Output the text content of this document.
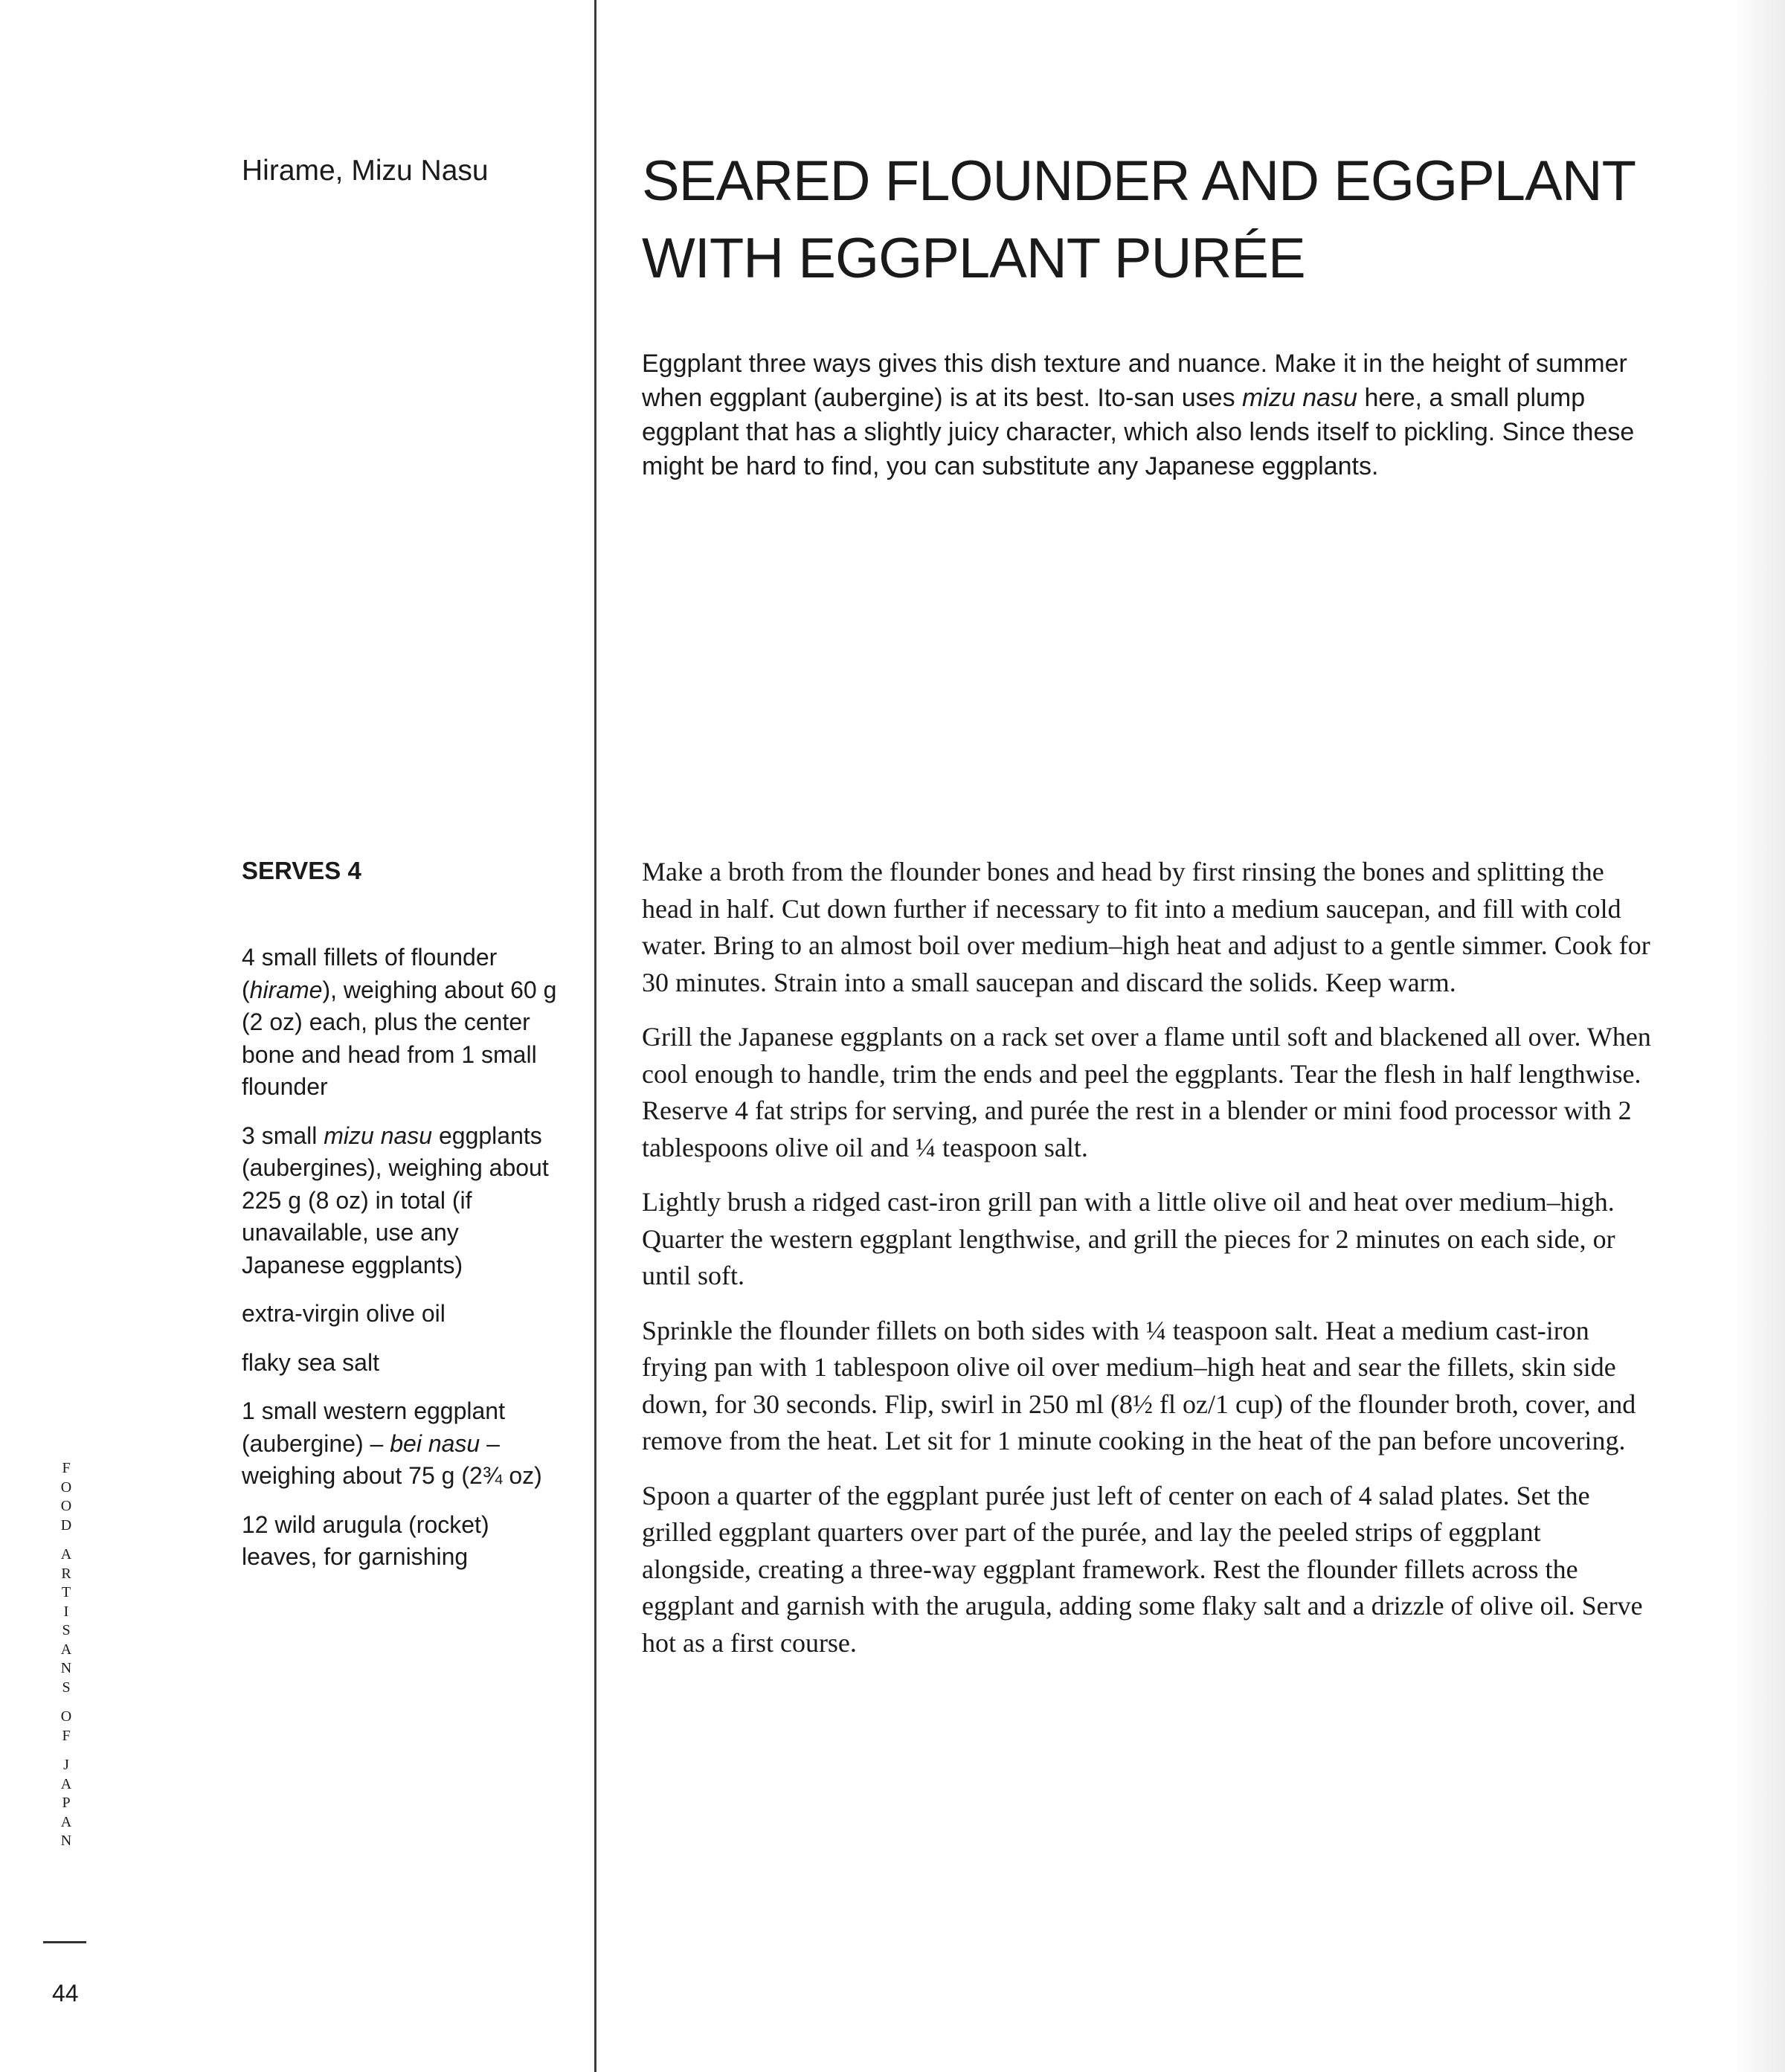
Hirame, Mizu Nasu	SEARED FLOUNDER AND EGGPLANT
WITH EGGPLANT PURÉE
Eggplant three ways gives this dish texture and nuance. Make it in the height of summer when eggplant (aubergine) is at its best. Ito-san uses mizu nasu here, a small plump eggplant that has a slightly juicy character, which also lends itself to pickling. Since these might be hard to find, you can substitute any Japanese eggplants.
SERVES 4

4 small fillets of flounder (hirame), weighing about 60 g (2 oz) each, plus the center bone and head from 1 small flounder

3 small mizu nasu eggplants (aubergines), weighing about 225 g (8 oz) in total (if unavailable, use any Japanese eggplants)

extra-virgin olive oil

flaky sea salt

1 small western eggplant (aubergine) – bei nasu – weighing about 75 g (2¾ oz)

12 wild arugula (rocket) leaves, for garnishing

Make a broth from the flounder bones and head by first rinsing the bones and splitting the head in half. Cut down further if necessary to fit into a medium saucepan, and fill with cold water. Bring to an almost boil over medium–high heat and adjust to a gentle simmer. Cook for 30 minutes. Strain into a small saucepan and discard the solids. Keep warm.

Grill the Japanese eggplants on a rack set over a flame until soft and blackened all over. When cool enough to handle, trim the ends and peel the eggplants. Tear the flesh in half lengthwise. Reserve 4 fat strips for serving, and purée the rest in a blender or mini food processor with 2 tablespoons olive oil and ¼ teaspoon salt.

Lightly brush a ridged cast-iron grill pan with a little olive oil and heat over medium–high. Quarter the western eggplant lengthwise, and grill the pieces for 2 minutes on each side, or until soft.

Sprinkle the flounder fillets on both sides with ¼ teaspoon salt. Heat a medium cast-iron frying pan with 1 tablespoon olive oil over medium–high heat and sear the fillets, skin side down, for 30 seconds. Flip, swirl in 250 ml (8½ fl oz/1 cup) of the flounder broth, cover, and remove from the heat. Let sit for 1 minute cooking in the heat of the pan before uncovering.

Spoon a quarter of the eggplant purée just left of center on each of 4 salad plates. Set the grilled eggplant quarters over part of the purée, and lay the peeled strips of eggplant alongside, creating a three-way eggplant framework. Rest the flounder fillets across the eggplant and garnish with the arugula, adding some flaky salt and a drizzle of olive oil. Serve hot as a first course.

F
O
O
D
A
R
T
I
S
A
N
S
O
F
J
A
P
A
N
44
